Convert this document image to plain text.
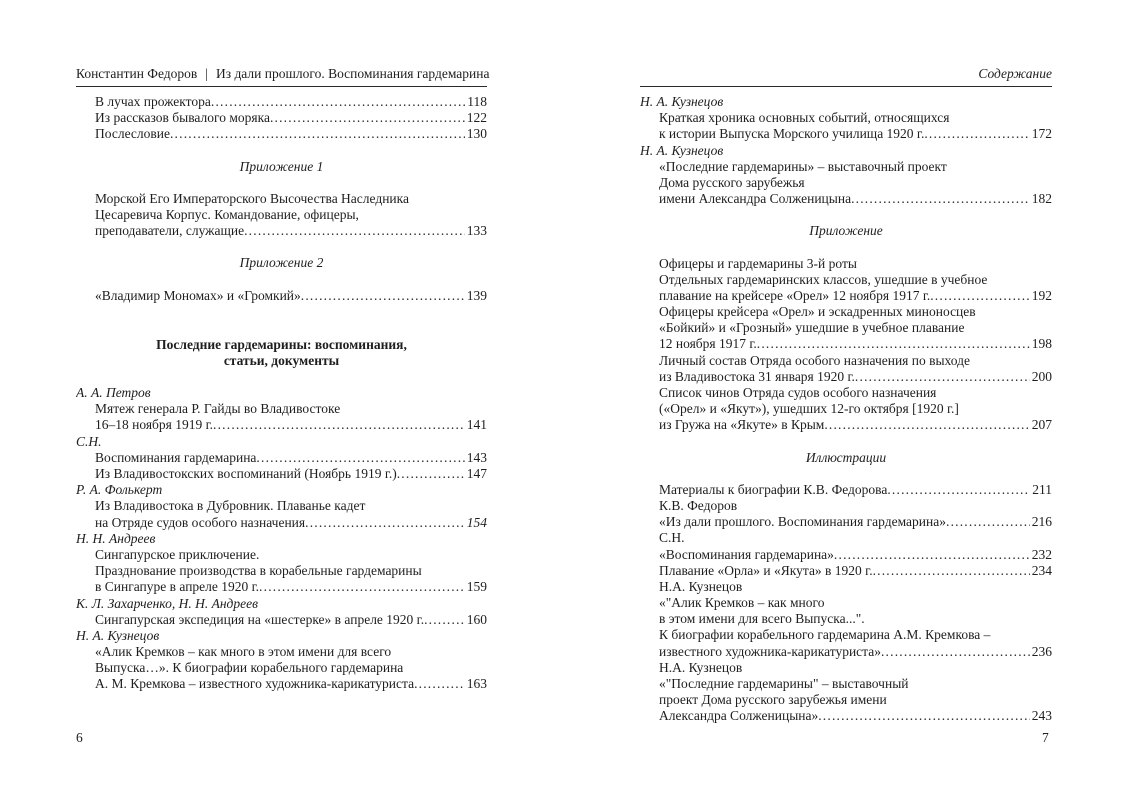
Константин Федоров | Из дали прошлого. Воспоминания гардемарина
В лучах прожектора .....	118
Из рассказов бывалого моряка .....	122
Послесловие .....	130
Приложение 1
Морской Его Императорского Высочества Наследника
Цесаревича Корпус. Командование, офицеры,
преподаватели, служащие .....	133
Приложение 2
«Владимир Мономах» и «Громкий» .....	139
Последние гардемарины: воспоминания,
статьи, документы
А. А. Петров
Мятеж генерала Р. Гайды во Владивостоке
16–18 ноября 1919 г. .....	141
С.Н.
Воспоминания гардемарина .....	143
Из Владивостокских воспоминаний (Ноябрь 1919 г.) .....	147
Р. А. Фолькерт
Из Владивостока в Дубровник. Плаванье кадет
на Отряде судов особого назначения .....	154
Н. Н. Андреев
Сингапурское приключение.
Празднование производства в корабельные гардемарины
в Сингапуре в апреле 1920 г. .....	159
К. Л. Захарченко, Н. Н. Андреев
Сингапурская экспедиция на «шестерке» в апреле 1920 г. .....	160
Н. А. Кузнецов
«Алик Кремков – как много в этом имени для всего
Выпуска…». К биографии корабельного гардемарина
А. М. Кремкова – известного художника-карикатуриста .....	163
6
Содержание
Н. А. Кузнецов
Краткая хроника основных событий, относящихся
к истории Выпуска Морского училища 1920 г. .....	172
Н. А. Кузнецов
«Последние гардемарины» – выставочный проект
Дома русского зарубежья
имени Александра Солженицына .....	182
Приложение
Офицеры и гардемарины 3-й роты
Отдельных гардемаринских классов, ушедшие в учебное
плавание на крейсере «Орел» 12 ноября 1917 г. .....	192
Офицеры крейсера «Орел» и эскадренных миноносцев
«Бойкий» и «Грозный» ушедшие в учебное плавание
12 ноября 1917 г. .....	198
Личный состав Отряда особого назначения по выходе
из Владивостока 31 января 1920 г. .....	200
Список чинов Отряда судов особого назначения
(«Орел» и «Якут»), ушедших 12-го октября [1920 г.]
из Гружа на «Якуте» в Крым .....	207
Иллюстрации
Материалы к биографии К.В. Федорова .....	211
К.В. Федоров
«Из дали прошлого. Воспоминания гардемарина» .....	216
С.Н.
«Воспоминания гардемарина» .....	232
Плавание «Орла» и «Якута» в 1920 г. .....	234
Н.А. Кузнецов
«"Алик Кремков – как много
в этом имени для всего Выпуска...".
К биографии корабельного гардемарина А.М. Кремкова –
известного художника-карикатуриста» .....	236
Н.А. Кузнецов
«"Последние гардемарины" – выставочный
проект Дома русского зарубежья имени
Александра Солженицына» .....	243
7
